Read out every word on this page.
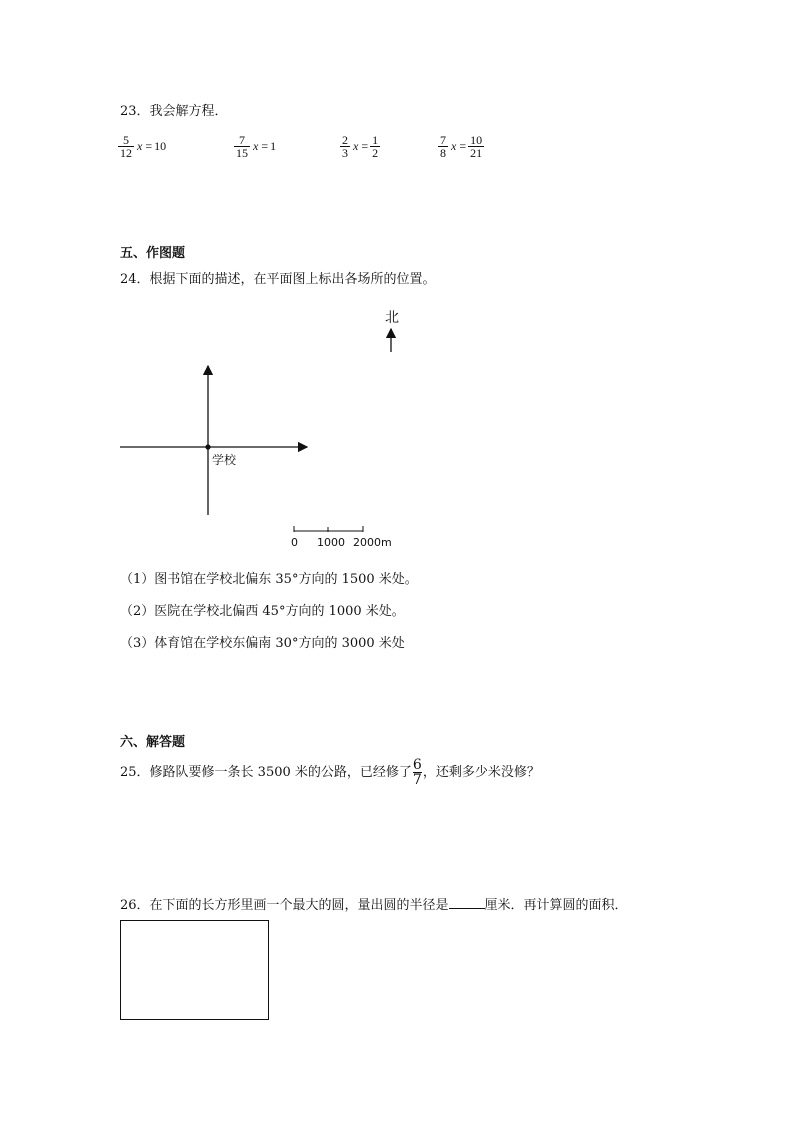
23．我会解方程．
$\frac{5}{12}$ x = 10	$\frac{7}{15}$ x = 1	$\frac{2}{3}$ $x = \frac{1}{2}$	$\frac{7}{8}$ $x = \frac{10}{21}$
五、作图题
24．根据下面的描述，在平面图上标出各场所的位置。
北
学校
0 1000 2000m
（1）图书馆在学校北偏东 35°方向的 1500 米处。
（2）医院在学校北偏西 45°方向的 1000 米处。
（3）体育馆在学校东偏南 30°方向的 3000 米处
六、解答题
25．修路队要修一条长 3500 米的公路，已经修了 $\frac{6}{7}$ ，还剩多少米没修？
26．在下面的长方形里画一个最大的圆，量出圆的半径是	厘米．再计算圆的面积．
